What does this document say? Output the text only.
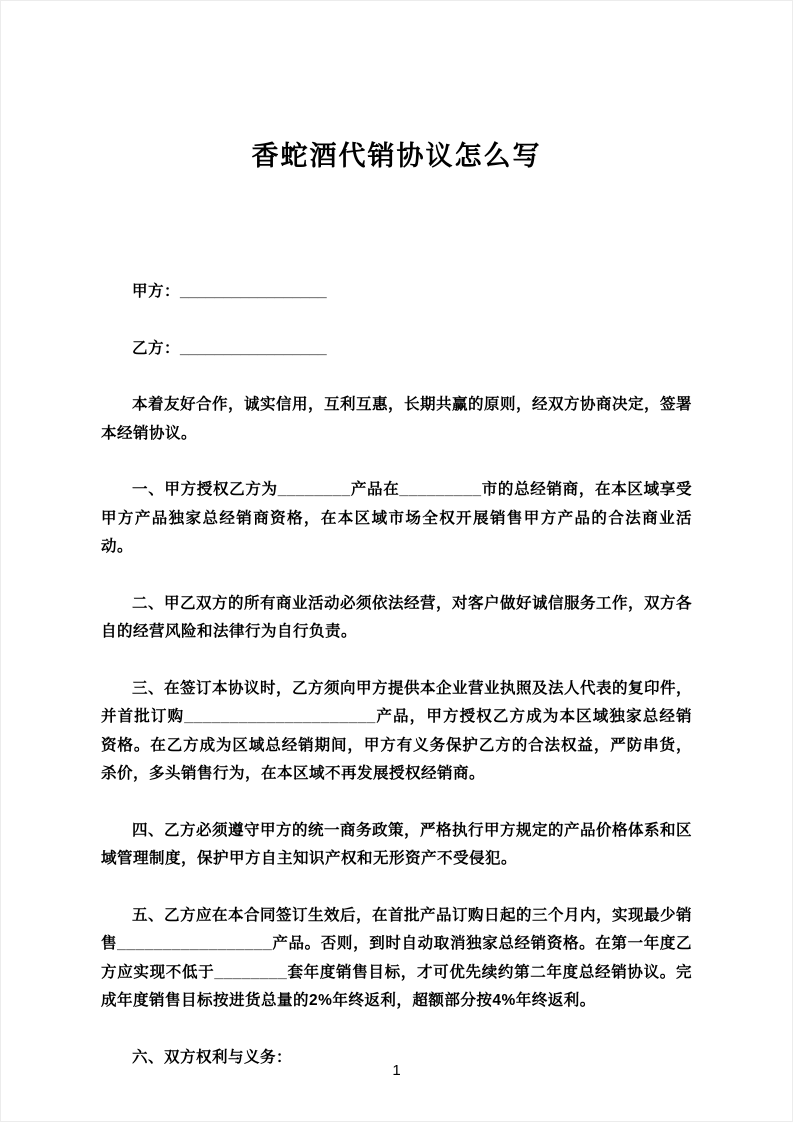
香蛇酒代销协议怎么写

甲方：_________________

乙方：_________________

本着友好合作，诚实信用，互利互惠，长期共赢的原则，经双方协商决定，签署本经销协议。

一、甲方授权乙方为________产品在_________市的总经销商，在本区域享受甲方产品独家总经销商资格，在本区域市场全权开展销售甲方产品的合法商业活动。

二、甲乙双方的所有商业活动必须依法经营，对客户做好诚信服务工作，双方各自的经营风险和法律行为自行负责。

三、在签订本协议时，乙方须向甲方提供本企业营业执照及法人代表的复印件，并首批订购_____________________产品，甲方授权乙方成为本区域独家总经销资格。在乙方成为区域总经销期间，甲方有义务保护乙方的合法权益，严防串货，杀价，多头销售行为，在本区域不再发展授权经销商。

四、乙方必须遵守甲方的统一商务政策，严格执行甲方规定的产品价格体系和区域管理制度，保护甲方自主知识产权和无形资产不受侵犯。

五、乙方应在本合同签订生效后，在首批产品订购日起的三个月内，实现最少销售_________________产品。否则，到时自动取消独家总经销资格。在第一年度乙方应实现不低于________套年度销售目标，才可优先续约第二年度总经销协议。完成年度销售目标按进货总量的2%年终返利，超额部分按4%年终返利。

六、双方权利与义务：

1
